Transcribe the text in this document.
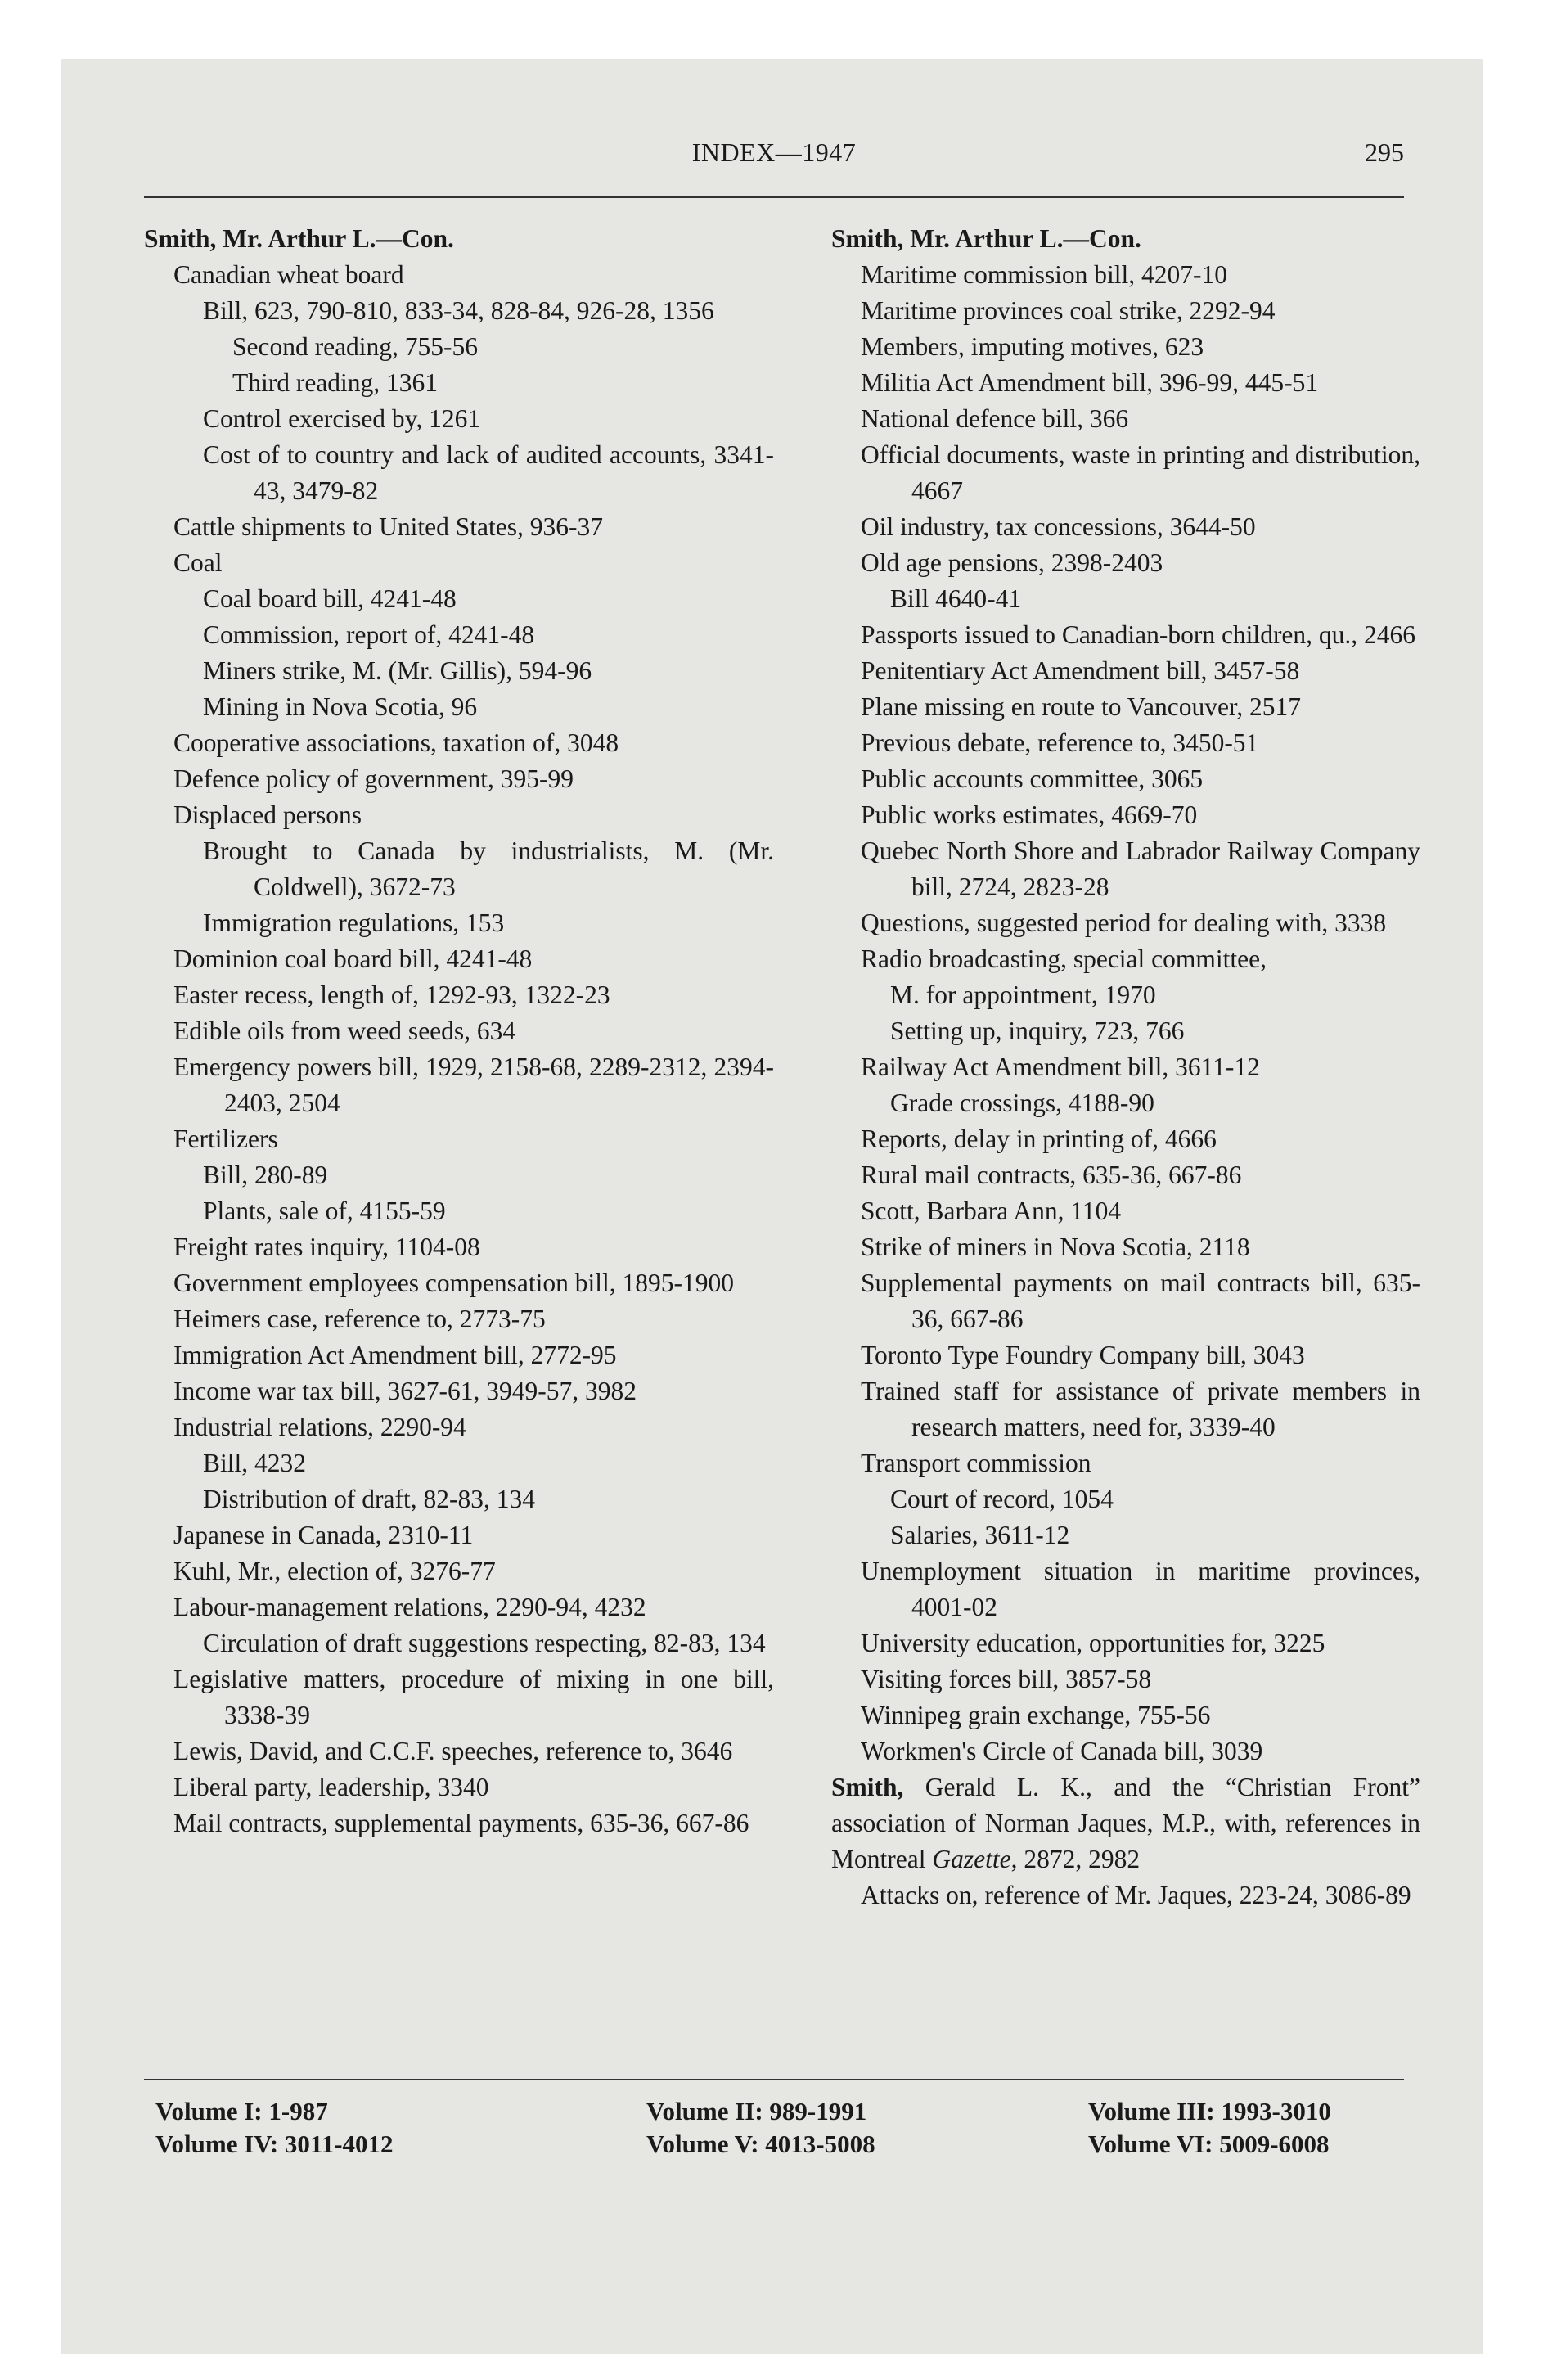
INDEX—1947	295

Smith, Mr. Arthur L.—Con.

Canadian wheat board

Bill, 623, 790-810, 833-34, 828-84, 926-28, 1356

Second reading, 755-56

Third reading, 1361

Control exercised by, 1261

Cost of to country and lack of audited accounts, 3341-43, 3479-82

Cattle shipments to United States, 936-37

Coal

Coal board bill, 4241-48

Commission, report of, 4241-48

Miners strike, M. (Mr. Gillis), 594-96

Mining in Nova Scotia, 96

Cooperative associations, taxation of, 3048

Defence policy of government, 395-99

Displaced persons

Brought to Canada by industrialists, M. (Mr. Coldwell), 3672-73

Immigration regulations, 153

Dominion coal board bill, 4241-48

Easter recess, length of, 1292-93, 1322-23

Edible oils from weed seeds, 634

Emergency powers bill, 1929, 2158-68, 2289-2312, 2394-2403, 2504

Fertilizers

Bill, 280-89

Plants, sale of, 4155-59

Freight rates inquiry, 1104-08

Government employees compensation bill, 1895-1900

Heimers case, reference to, 2773-75

Immigration Act Amendment bill, 2772-95

Income war tax bill, 3627-61, 3949-57, 3982

Industrial relations, 2290-94

Bill, 4232

Distribution of draft, 82-83, 134

Japanese in Canada, 2310-11

Kuhl, Mr., election of, 3276-77

Labour-management relations, 2290-94, 4232

Circulation of draft suggestions respecting, 82-83, 134

Legislative matters, procedure of mixing in one bill, 3338-39

Lewis, David, and C.C.F. speeches, reference to, 3646

Liberal party, leadership, 3340

Mail contracts, supplemental payments, 635-36, 667-86

Smith, Mr. Arthur L.—Con.

Maritime commission bill, 4207-10

Maritime provinces coal strike, 2292-94

Members, imputing motives, 623

Militia Act Amendment bill, 396-99, 445-51

National defence bill, 366

Official documents, waste in printing and distribution, 4667

Oil industry, tax concessions, 3644-50

Old age pensions, 2398-2403

Bill 4640-41

Passports issued to Canadian-born children, qu., 2466

Penitentiary Act Amendment bill, 3457-58

Plane missing en route to Vancouver, 2517

Previous debate, reference to, 3450-51

Public accounts committee, 3065

Public works estimates, 4669-70

Quebec North Shore and Labrador Railway Company bill, 2724, 2823-28

Questions, suggested period for dealing with, 3338

Radio broadcasting, special committee,

M. for appointment, 1970

Setting up, inquiry, 723, 766

Railway Act Amendment bill, 3611-12

Grade crossings, 4188-90

Reports, delay in printing of, 4666

Rural mail contracts, 635-36, 667-86

Scott, Barbara Ann, 1104

Strike of miners in Nova Scotia, 2118

Supplemental payments on mail contracts bill, 635-36, 667-86

Toronto Type Foundry Company bill, 3043

Trained staff for assistance of private members in research matters, need for, 3339-40

Transport commission

Court of record, 1054

Salaries, 3611-12

Unemployment situation in maritime provinces, 4001-02

University education, opportunities for, 3225

Visiting forces bill, 3857-58

Winnipeg grain exchange, 755-56

Workmen's Circle of Canada bill, 3039

Smith, Gerald L. K., and the “Christian Front” association of Norman Jaques, M.P., with, references in Montreal Gazette, 2872, 2982

Attacks on, reference of Mr. Jaques, 223-24, 3086-89

Volume I: 1-987
Volume IV: 3011-4012
Volume II: 989-1991
Volume V: 4013-5008
Volume III: 1993-3010
Volume VI: 5009-6008
